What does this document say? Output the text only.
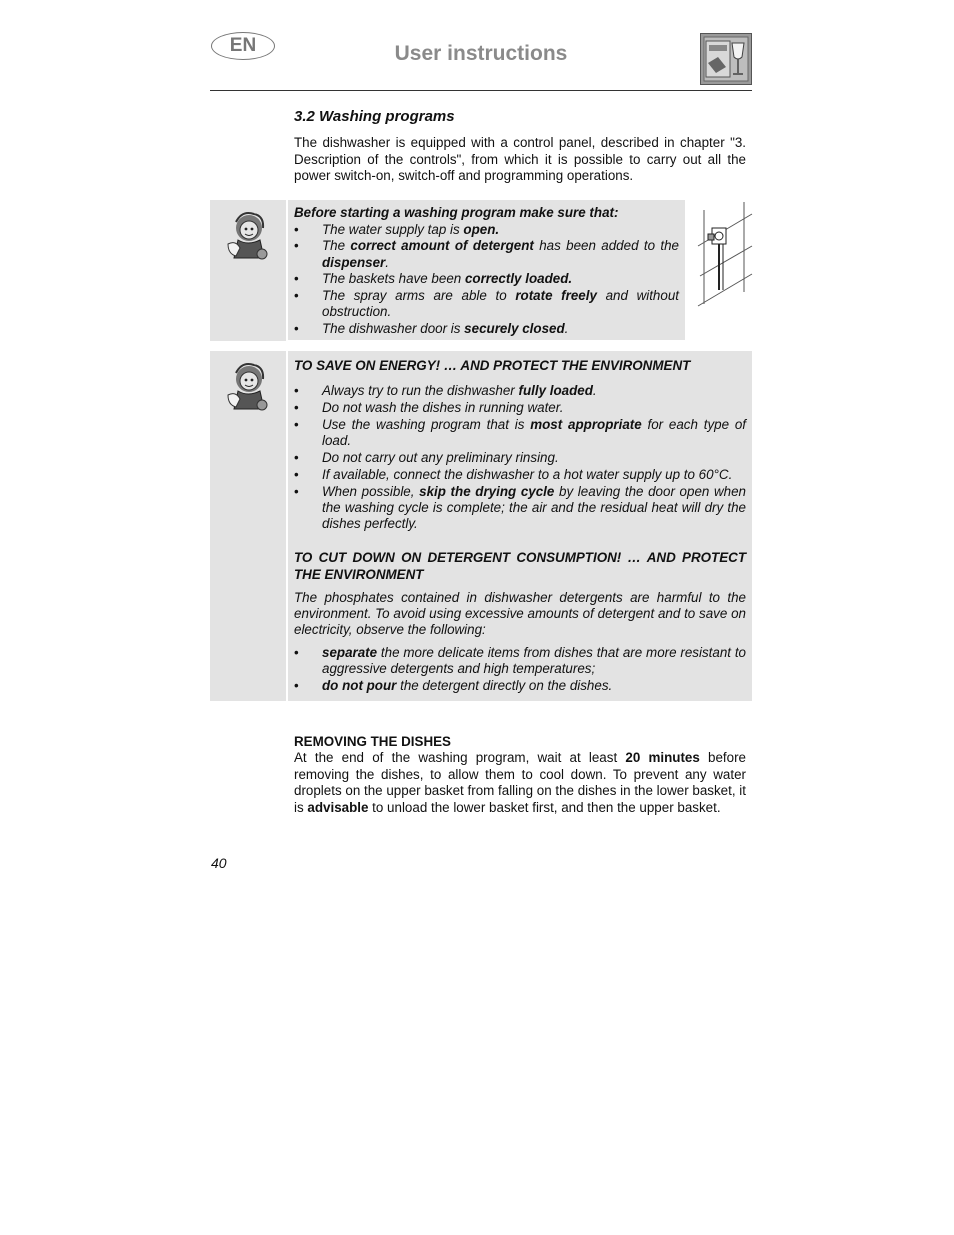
EN	User instructions
3.2 Washing programs

The dishwasher is equipped with a control panel, described in chapter "3. Description of the controls", from which it is possible to carry out all the power switch-on, switch-off and programming operations.

Before starting a washing program make sure that:
• The water supply tap is open.
• The correct amount of detergent has been added to the dispenser.
• The baskets have been correctly loaded.
• The spray arms are able to rotate freely and without obstruction.
• The dishwasher door is securely closed.
TO SAVE ON ENERGY! … AND PROTECT THE ENVIRONMENT
• Always try to run the dishwasher fully loaded.
• Do not wash the dishes in running water.
• Use the washing program that is most appropriate for each type of load.
• Do not carry out any preliminary rinsing.
• If available, connect the dishwasher to a hot water supply up to 60°C.
• When possible, skip the drying cycle by leaving the door open when the washing cycle is complete; the air and the residual heat will dry the dishes perfectly.
TO CUT DOWN ON DETERGENT CONSUMPTION! … AND PROTECT THE ENVIRONMENT

The phosphates contained in dishwasher detergents are harmful to the environment. To avoid using excessive amounts of detergent and to save on electricity, observe the following:

• separate the more delicate items from dishes that are more resistant to aggressive detergents and high temperatures;
• do not pour the detergent directly on the dishes.
REMOVING THE DISHES

At the end of the washing program, wait at least 20 minutes before removing the dishes, to allow them to cool down. To prevent any water droplets on the upper basket from falling on the dishes in the lower basket, it is advisable to unload the lower basket first, and then the upper basket.

40
